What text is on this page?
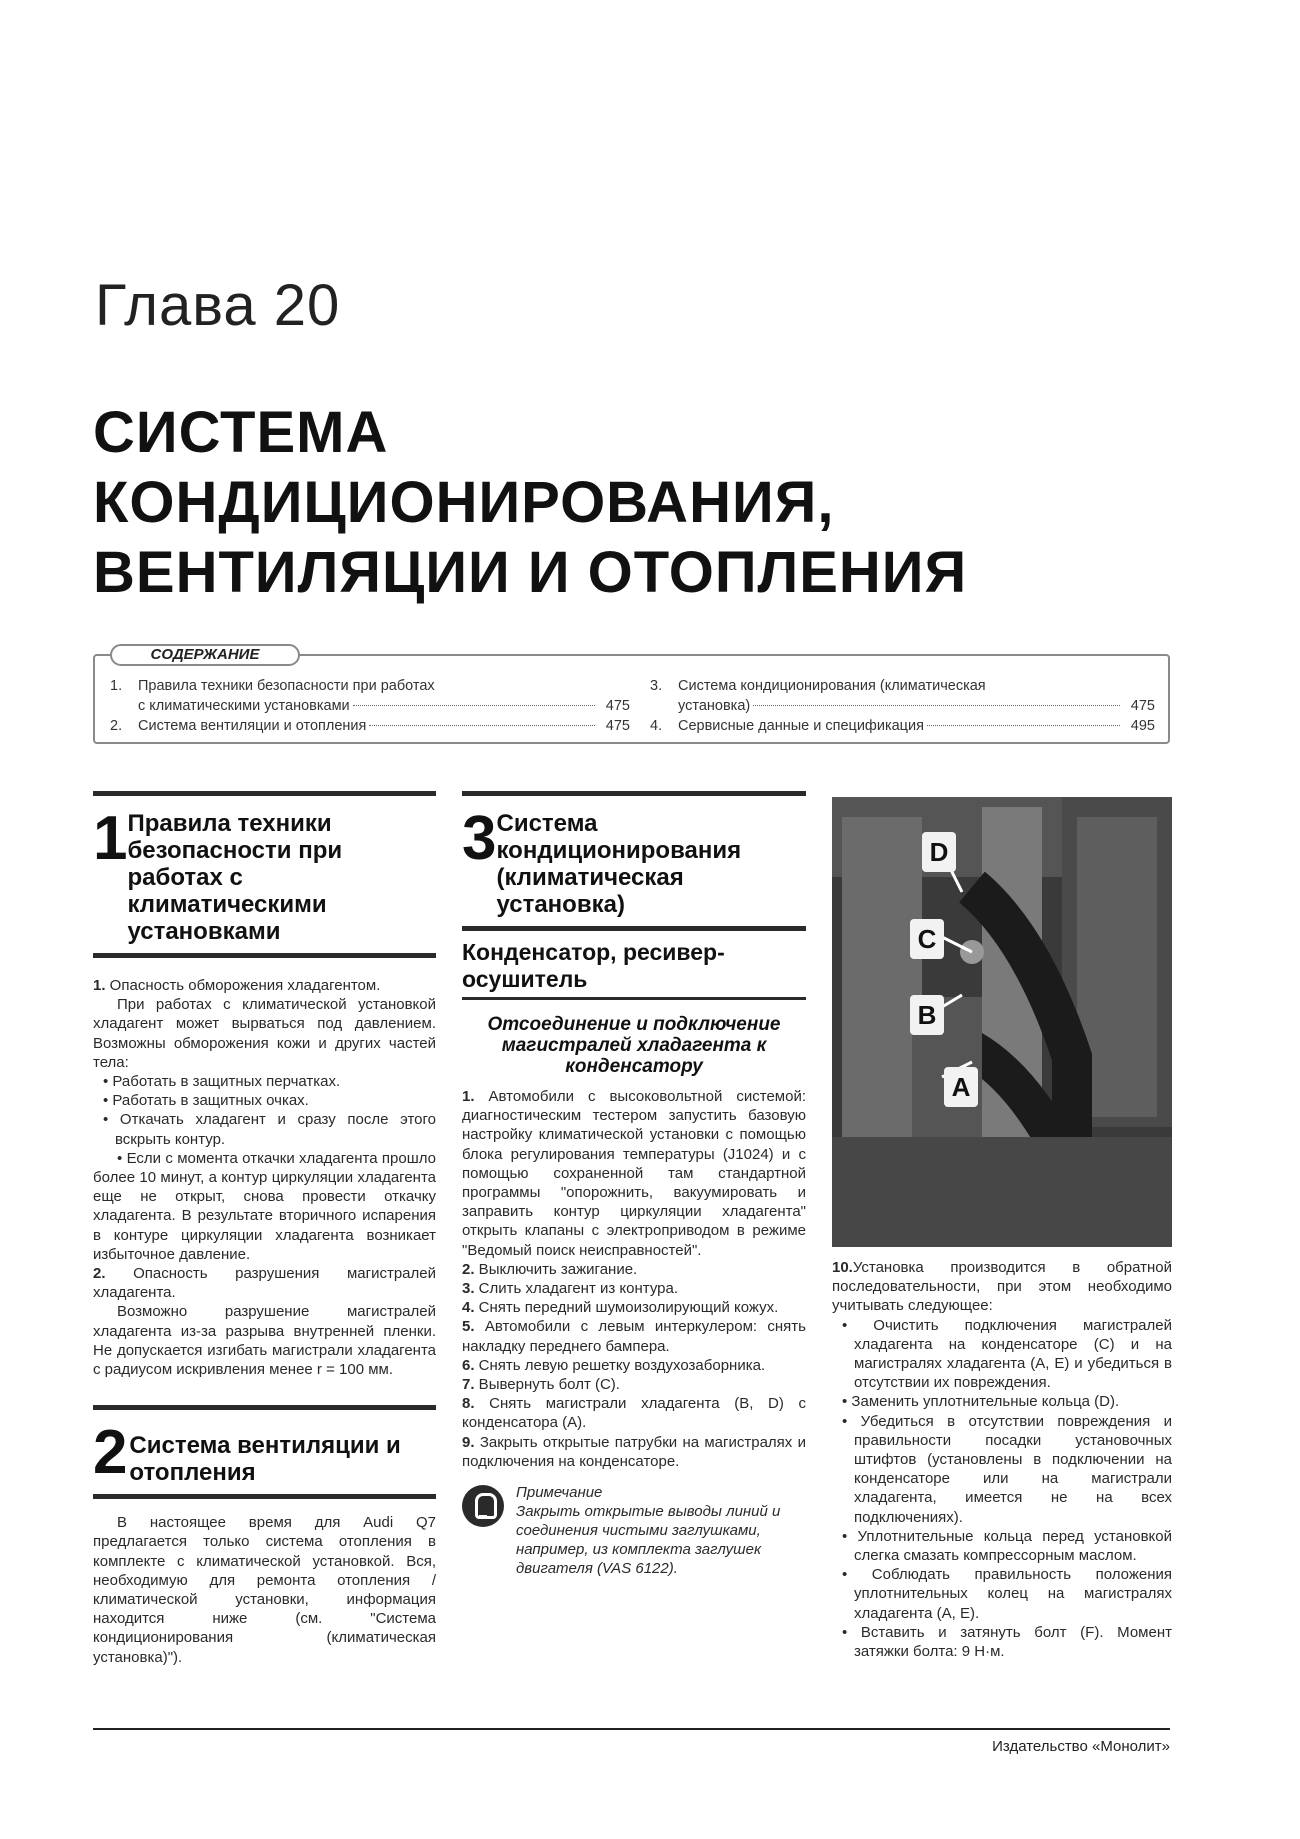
Глава 20
СИСТЕМА
КОНДИЦИОНИРОВАНИЯ,
ВЕНТИЛЯЦИИ И ОТОПЛЕНИЯ
СОДЕРЖАНИЕ
1.	Правила техники безопасности при работах
с климатическими установками	475
2.	Система вентиляции и отопления	475
3.	Система кондиционирования (климатическая
установка)	475
4.	Сервисные данные и спецификация	495
1 Правила техники безопасности при работах с климатическими установками

1. Опасность обморожения хладагентом.

При работах с климатической установкой хладагент может вырваться под давлением. Возможны обморожения кожи и других частей тела:

• Работать в защитных перчатках.

• Работать в защитных очках.

• Откачать хладагент и сразу после этого вскрыть контур.

• Если с момента откачки хладагента прошло более 10 минут, а контур циркуляции хладагента еще не открыт, снова провести откачку хладагента. В результате вторичного испарения в контуре циркуляции хладагента возникает избыточное давление.

2. Опасность разрушения магистралей хладагента.

Возможно разрушение магистралей хладагента из-за разрыва внутренней пленки. Не допускается изгибать магистрали хладагента с радиусом искривления менее r = 100 мм.

2 Система вентиляции и отопления

В настоящее время для Audi Q7 предлагается только система отопления в комплекте с климатической установкой. Вся, необходимую для ремонта отопления / климатической установки, информация находится ниже (см. "Система кондиционирования (климатическая установка)").

3 Система кондиционирования (климатическая установка)
Конденсатор, ресивер-осушитель
Отсоединение и подключение магистралей хладагента к конденсатору

1. Автомобили с высоковольтной системой: диагностическим тестером запустить базовую настройку климатической установки с помощью блока регулирования температуры (J1024) и с помощью сохраненной там стандартной программы "опорожнить, вакуумировать и заправить контур циркуляции хладагента" открыть клапаны с электроприводом в режиме "Ведомый поиск неисправностей".

2. Выключить зажигание.

3. Слить хладагент из контура.

4. Снять передний шумоизолирующий кожух.

5. Автомобили с левым интеркулером: снять накладку переднего бампера.

6. Снять левую решетку воздухозаборника.

7. Вывернуть болт (C).

8. Снять магистрали хладагента (B, D) с конденсатора (A).

9. Закрыть открытые патрубки на магистралях и подключения на конденсаторе.

Примечание
Закрыть открытые выводы линий и соединения чистыми заглушками, например, из комплекта заглушек двигателя (VAS 6122).
D
C
B
A

10.Установка производится в обратной последовательности, при этом необходимо учитывать следующее:

• Очистить подключения магистралей хладагента на конденсаторе (C) и на магистралях хладагента (A, E) и убедиться в отсутствии их повреждения.

• Заменить уплотнительные кольца (D).

• Убедиться в отсутствии повреждения и правильности посадки установочных штифтов (установлены в подключении на конденсаторе или на магистрали хладагента, имеется не на всех подключениях).

• Уплотнительные кольца перед установкой слегка смазать компрессорным маслом.

• Соблюдать правильность положения уплотнительных колец на магистралях хладагента (A, E).

• Вставить и затянуть болт (F). Момент затяжки болта: 9 Н·м.

Издательство «Монолит»
